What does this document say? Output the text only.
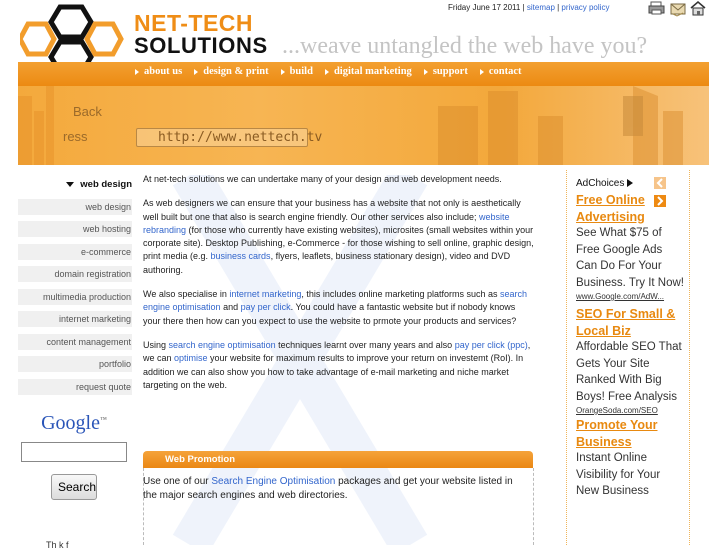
Friday June 17 2011 | sitemap | privacy policy
NET-TECH
SOLUTIONS ...weave untangled the web have you?
about us design & print build digital marketing support contact
Back
ress	http://www.nettech.tv
web design
web design
web hosting
e-commerce
domain registration
multimedia production
internet marketing
content management
portfolio
request quote
Google™
Search
Th k f

At net-tech solutions we can undertake many of your design and web development needs.

As web designers we can ensure that your business has a website that not only is aesthetically well built but one that also is search engine friendly. Our other services also include; website rebranding (for those who currently have existing websites), microsites (small websites within your corporate site). Desktop Publishing, e-Commerce - for those wishing to sell online, graphic design, print media (e.g. business cards, flyers, leaflets, business stationary design), video and DVD authoring.

We also specialise in internet marketing, this includes online marketing platforms such as search engine optimisation and pay per click. You could have a fantastic website but if nobody knows your there then how can you expect to use the website to prmote your products and services?

Using search engine optimisation techniques learnt over many years and also pay per click (ppc), we can optimise your website for maximum results to improve your return on investemt (RoI). In addition we can also show you how to take advantage of e-mail marketing and niche market targeting on the web.

Web Promotion
Use one of our Search Engine Optimisation packages and get your website listed in the major search engines and web directories.
AdChoices

Free Online Advertising
See What $75 of Free Google Ads Can Do For Your Business. Try It Now!
www.Google.com/AdW...
SEO For Small & Local Biz
Affordable SEO That Gets Your Site Ranked With Big Boys! Free Analysis
OrangeSoda.com/SEO
Promote Your Business
Instant Online Visibility for Your New Business
